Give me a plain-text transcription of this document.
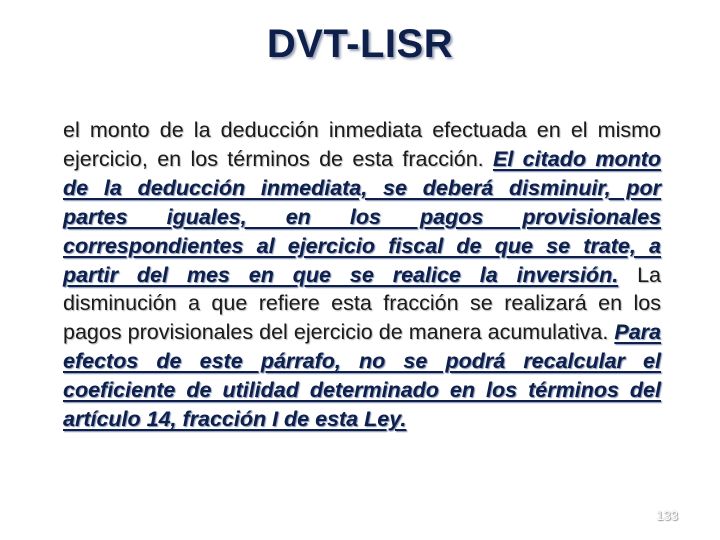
DVT-LISR
el monto de la deducción inmediata efectuada en el mismo ejercicio, en los términos de esta fracción. El citado monto de la deducción inmediata, se deberá disminuir, por partes iguales, en los pagos provisionales correspondientes al ejercicio fiscal de que se trate, a partir del mes en que se realice la inversión. La disminución a que refiere esta fracción se realizará en los pagos provisionales del ejercicio de manera acumulativa. Para efectos de este párrafo, no se podrá recalcular el coeficiente de utilidad determinado en los términos del artículo 14, fracción I de esta Ley.
133
